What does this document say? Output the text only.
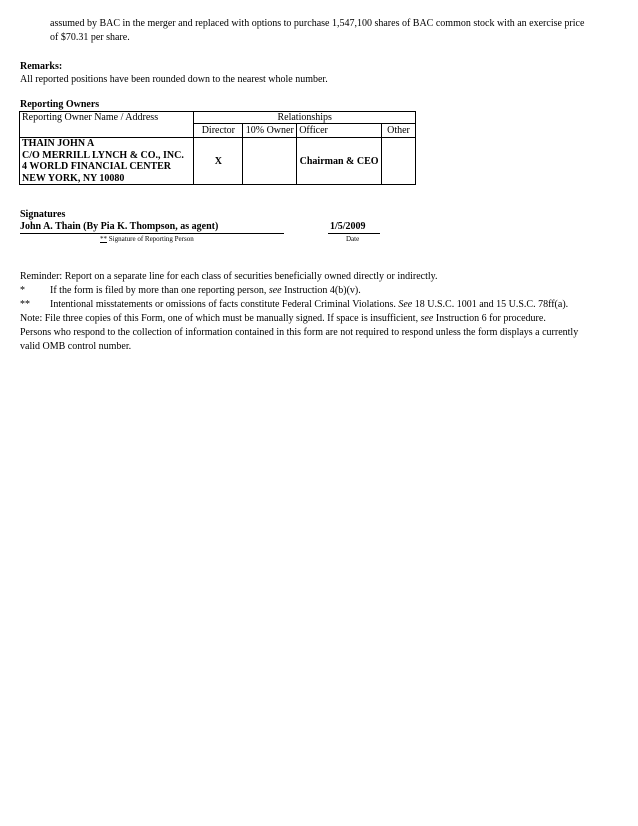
assumed by BAC in the merger and replaced with options to purchase 1,547,100 shares of BAC common stock with an exercise price
of $70.31 per share.
Remarks:
All reported positions have been rounded down to the nearest whole number.
Reporting Owners
Reporting Owner Name / Address	Relationships			
	Director	10% Owner	Officer	Other

THAIN JOHN A
C/O MERRILL LYNCH & CO., INC.
4 WORLD FINANCIAL CENTER
NEW YORK, NY 10080	X		Chairman & CEO	
Signatures
John A. Thain (By Pia K. Thompson, as agent)	1/5/2009
** Signature of Reporting Person	Date
Reminder: Report on a separate line for each class of securities beneficially owned directly or indirectly.
*	If the form is filed by more than one reporting person, see Instruction 4(b)(v).
** Intentional misstatements or omissions of facts constitute Federal Criminal Violations. See 18 U.S.C. 1001 and 15 U.S.C. 78ff(a).
Note: File three copies of this Form, one of which must be manually signed. If space is insufficient, see Instruction 6 for procedure.
Persons who respond to the collection of information contained in this form are not required to respond unless the form displays a currently
valid OMB control number.
